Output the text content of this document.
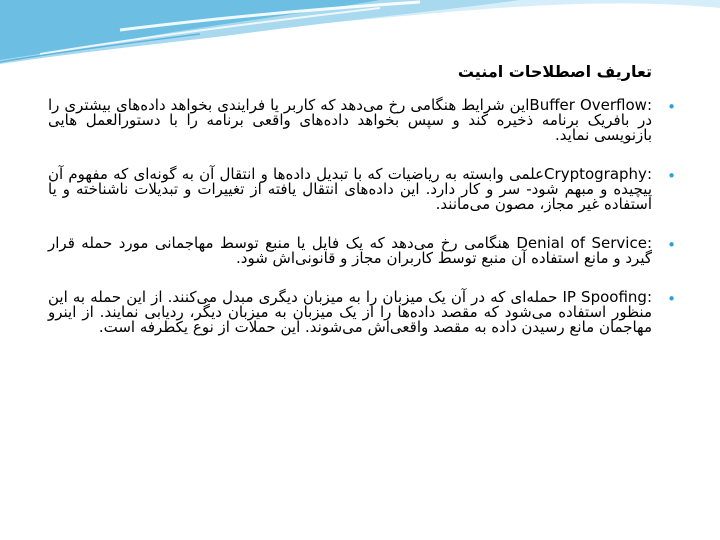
تعاریف اصطلاحات امنیت
•
:Buffer Overflowاین شرایط هنگامی رخ می‌دهد که کاربر یا فرایندی بخواهد داده‌های بیشتری را در بافریک برنامه ذخیره کند و سپس بخواهد داده‌های واقعی برنامه را با دستورالعمل هایی بازنویسی نماید.
•
:Cryptographyعلمی وابسته به ریاضیات که با تبدیل داده‌ها و انتقال آن‌ به گونه‌ای که مفهوم آن پیچیده و مبهم شود- سر و کار دارد. این داده‌های انتقال یافته از تغییرات و تبدیلات ناشناخته و یا استفاده غیر مجاز، مصون می‌مانند.
•
:Denial of Service هنگامی رخ می‌دهد که یک فایل یا منبع توسط مهاجمانی مورد حمله قرار گیرد و مانع استفاده آن منبع توسط کاربران مجاز و قانونی‌اش شود.
•
:IP Spoofing حمله‌ای که در آن یک میزبان را به میزبان دیگری مبدل می‌کنند. از این حمله به این منظور استفاده می‌شود که مقصد داده‌ها را از یک میزبان به میزبان دیگر، ردیابی نمایند. از اینرو مهاجمان مانع رسیدن داده به مقصد واقعی‌اش می‌شوند. این حملات از نوع یکطرفه است.
